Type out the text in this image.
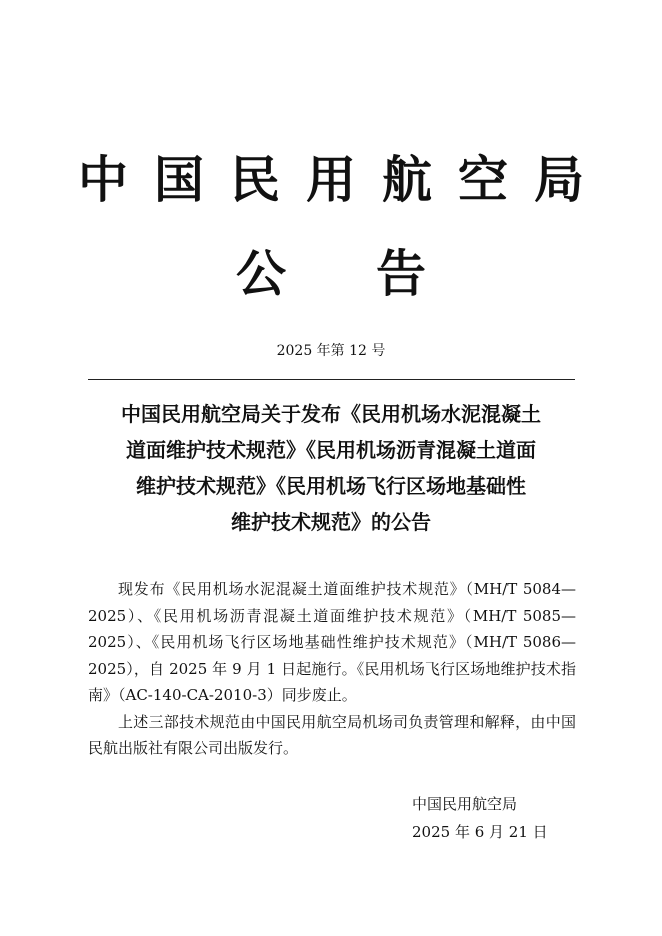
中国民用航空局
公 告
2025 年第 12 号
中国民用航空局关于发布《民用机场水泥混凝土
道面维护技术规范》《民用机场沥青混凝土道面
维护技术规范》《民用机场飞行区场地基础性
维护技术规范》的公告

现发布《民用机场水泥混凝土道面维护技术规范》（MH/T 5084—2025）、《民用机场沥青混凝土道面维护技术规范》（MH/T 5085—2025）、《民用机场飞行区场地基础性维护技术规范》（MH/T 5086—2025），自 2025 年 9 月 1 日起施行。《民用机场飞行区场地维护技术指南》（AC-140-CA-2010-3）同步废止。

上述三部技术规范由中国民用航空局机场司负责管理和解释，由中国民航出版社有限公司出版发行。

中国民用航空局
2025 年 6 月 21 日
